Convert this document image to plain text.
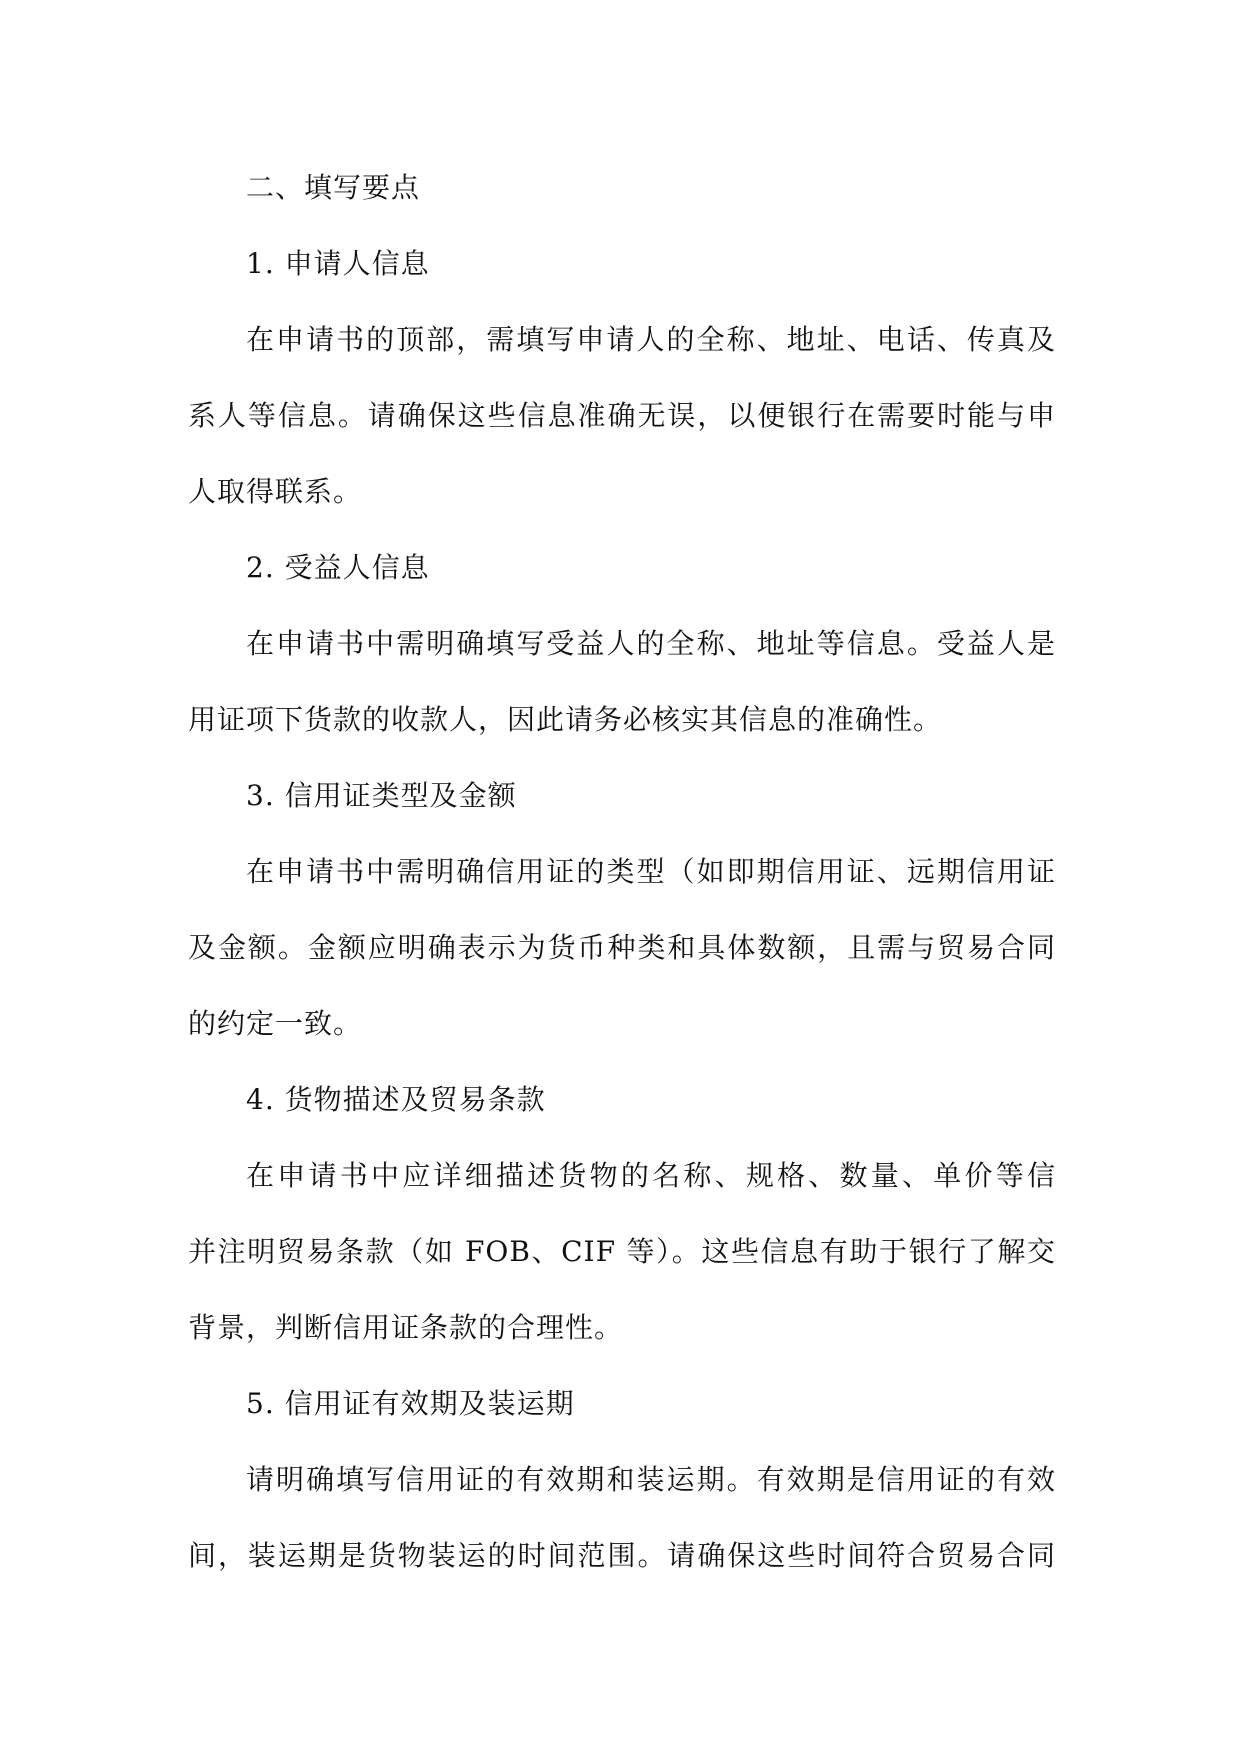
二、填写要点
1. 申请人信息
在申请书的顶部，需填写申请人的全称、地址、电话、传真及
系人等信息。请确保这些信息准确无误，以便银行在需要时能与申
人取得联系。
2. 受益人信息
在申请书中需明确填写受益人的全称、地址等信息。受益人是
用证项下货款的收款人，因此请务必核实其信息的准确性。
3. 信用证类型及金额
在申请书中需明确信用证的类型（如即期信用证、远期信用证
及金额。金额应明确表示为货币种类和具体数额，且需与贸易合同
的约定一致。
4. 货物描述及贸易条款
在申请书中应详细描述货物的名称、规格、数量、单价等信
并注明贸易条款（如 FOB、CIF 等）。这些信息有助于银行了解交
背景，判断信用证条款的合理性。
5. 信用证有效期及装运期
请明确填写信用证的有效期和装运期。有效期是信用证的有效
间，装运期是货物装运的时间范围。请确保这些时间符合贸易合同
